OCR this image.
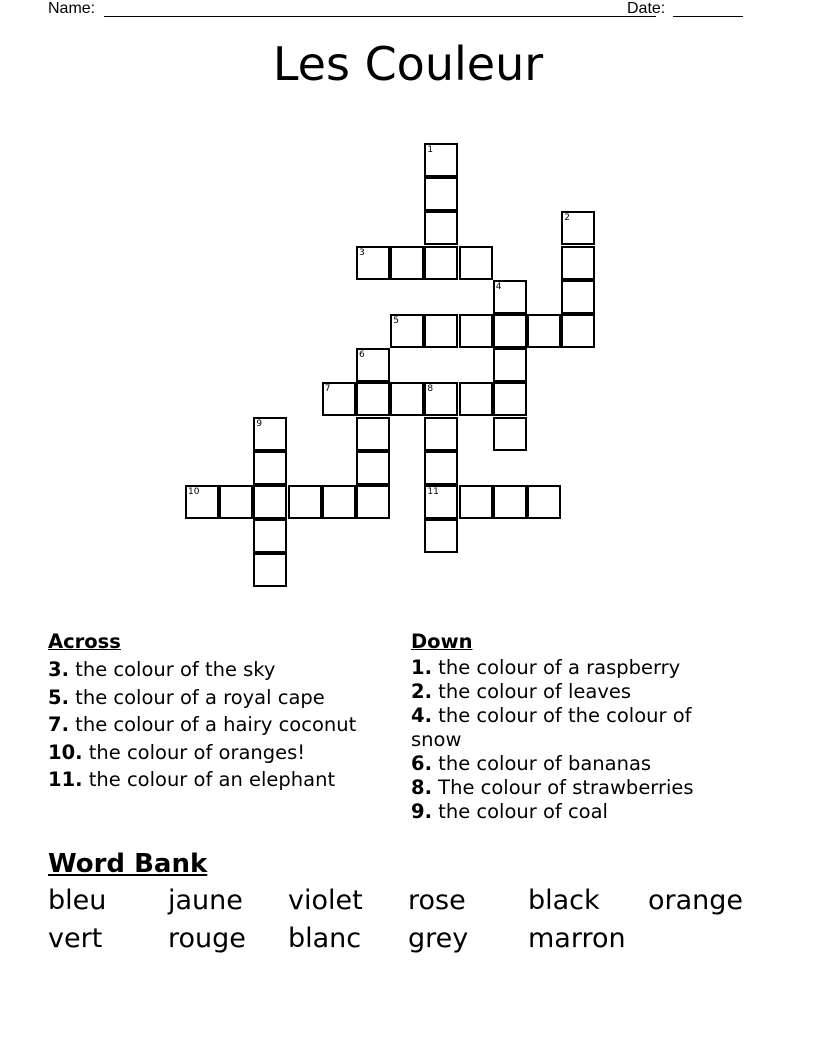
Name:	Date:
Les Couleur
1
2
3
4
5
6
7	8
9
10	11
Across
3. the colour of the sky
5. the colour of a royal cape
7. the colour of a hairy coconut
10. the colour of oranges!
11. the colour of an elephant
Down
1. the colour of a raspberry
2. the colour of leaves
4. the colour of the colour of snow
6. the colour of bananas
8. The colour of strawberries
9. the colour of coal
Word Bank
bleu jaune violet rose black orange
vert rouge blanc grey marron
